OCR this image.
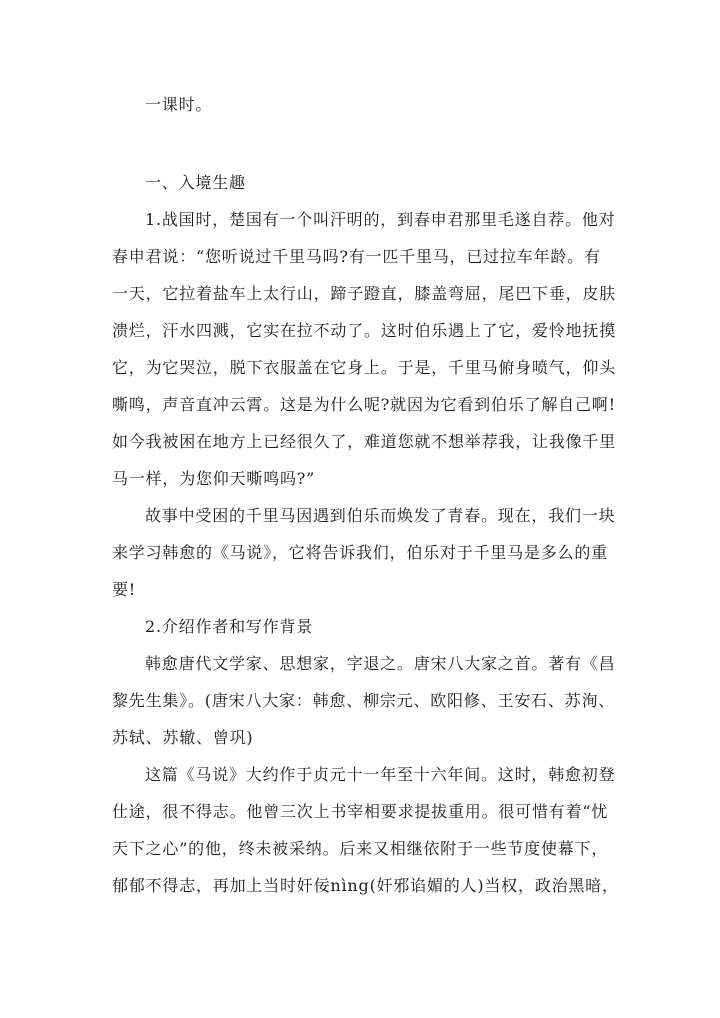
一课时。
一、入境生趣
1.战国时，楚国有一个叫汗明的，到春申君那里毛遂自荐。他对
春申君说：“您听说过千里马吗?有一匹千里马，已过拉车年龄。有
一天，它拉着盐车上太行山，蹄子蹬直，膝盖弯屈，尾巴下垂，皮肤
溃烂，汗水四溅，它实在拉不动了。这时伯乐遇上了它，爱怜地抚摸
它，为它哭泣，脱下衣服盖在它身上。于是，千里马俯身喷气，仰头
嘶鸣，声音直冲云霄。这是为什么呢?就因为它看到伯乐了解自己啊!
如今我被困在地方上已经很久了，难道您就不想举荐我，让我像千里
马一样，为您仰天嘶鸣吗?”
故事中受困的千里马因遇到伯乐而焕发了青春。现在，我们一块
来学习韩愈的《马说》，它将告诉我们，伯乐对于千里马是多么的重
要!
2.介绍作者和写作背景
韩愈唐代文学家、思想家，字退之。唐宋八大家之首。著有《昌
黎先生集》。(唐宋八大家：韩愈、柳宗元、欧阳修、王安石、苏洵、
苏轼、苏辙、曾巩)
这篇《马说》大约作于贞元十一年至十六年间。这时，韩愈初登
仕途，很不得志。他曾三次上书宰相要求提拔重用。很可惜有着“忧
天下之心”的他，终未被采纳。后来又相继依附于一些节度使幕下，
郁郁不得志，再加上当时奸佞nìng(奸邪谄媚的人)当权，政治黑暗，
